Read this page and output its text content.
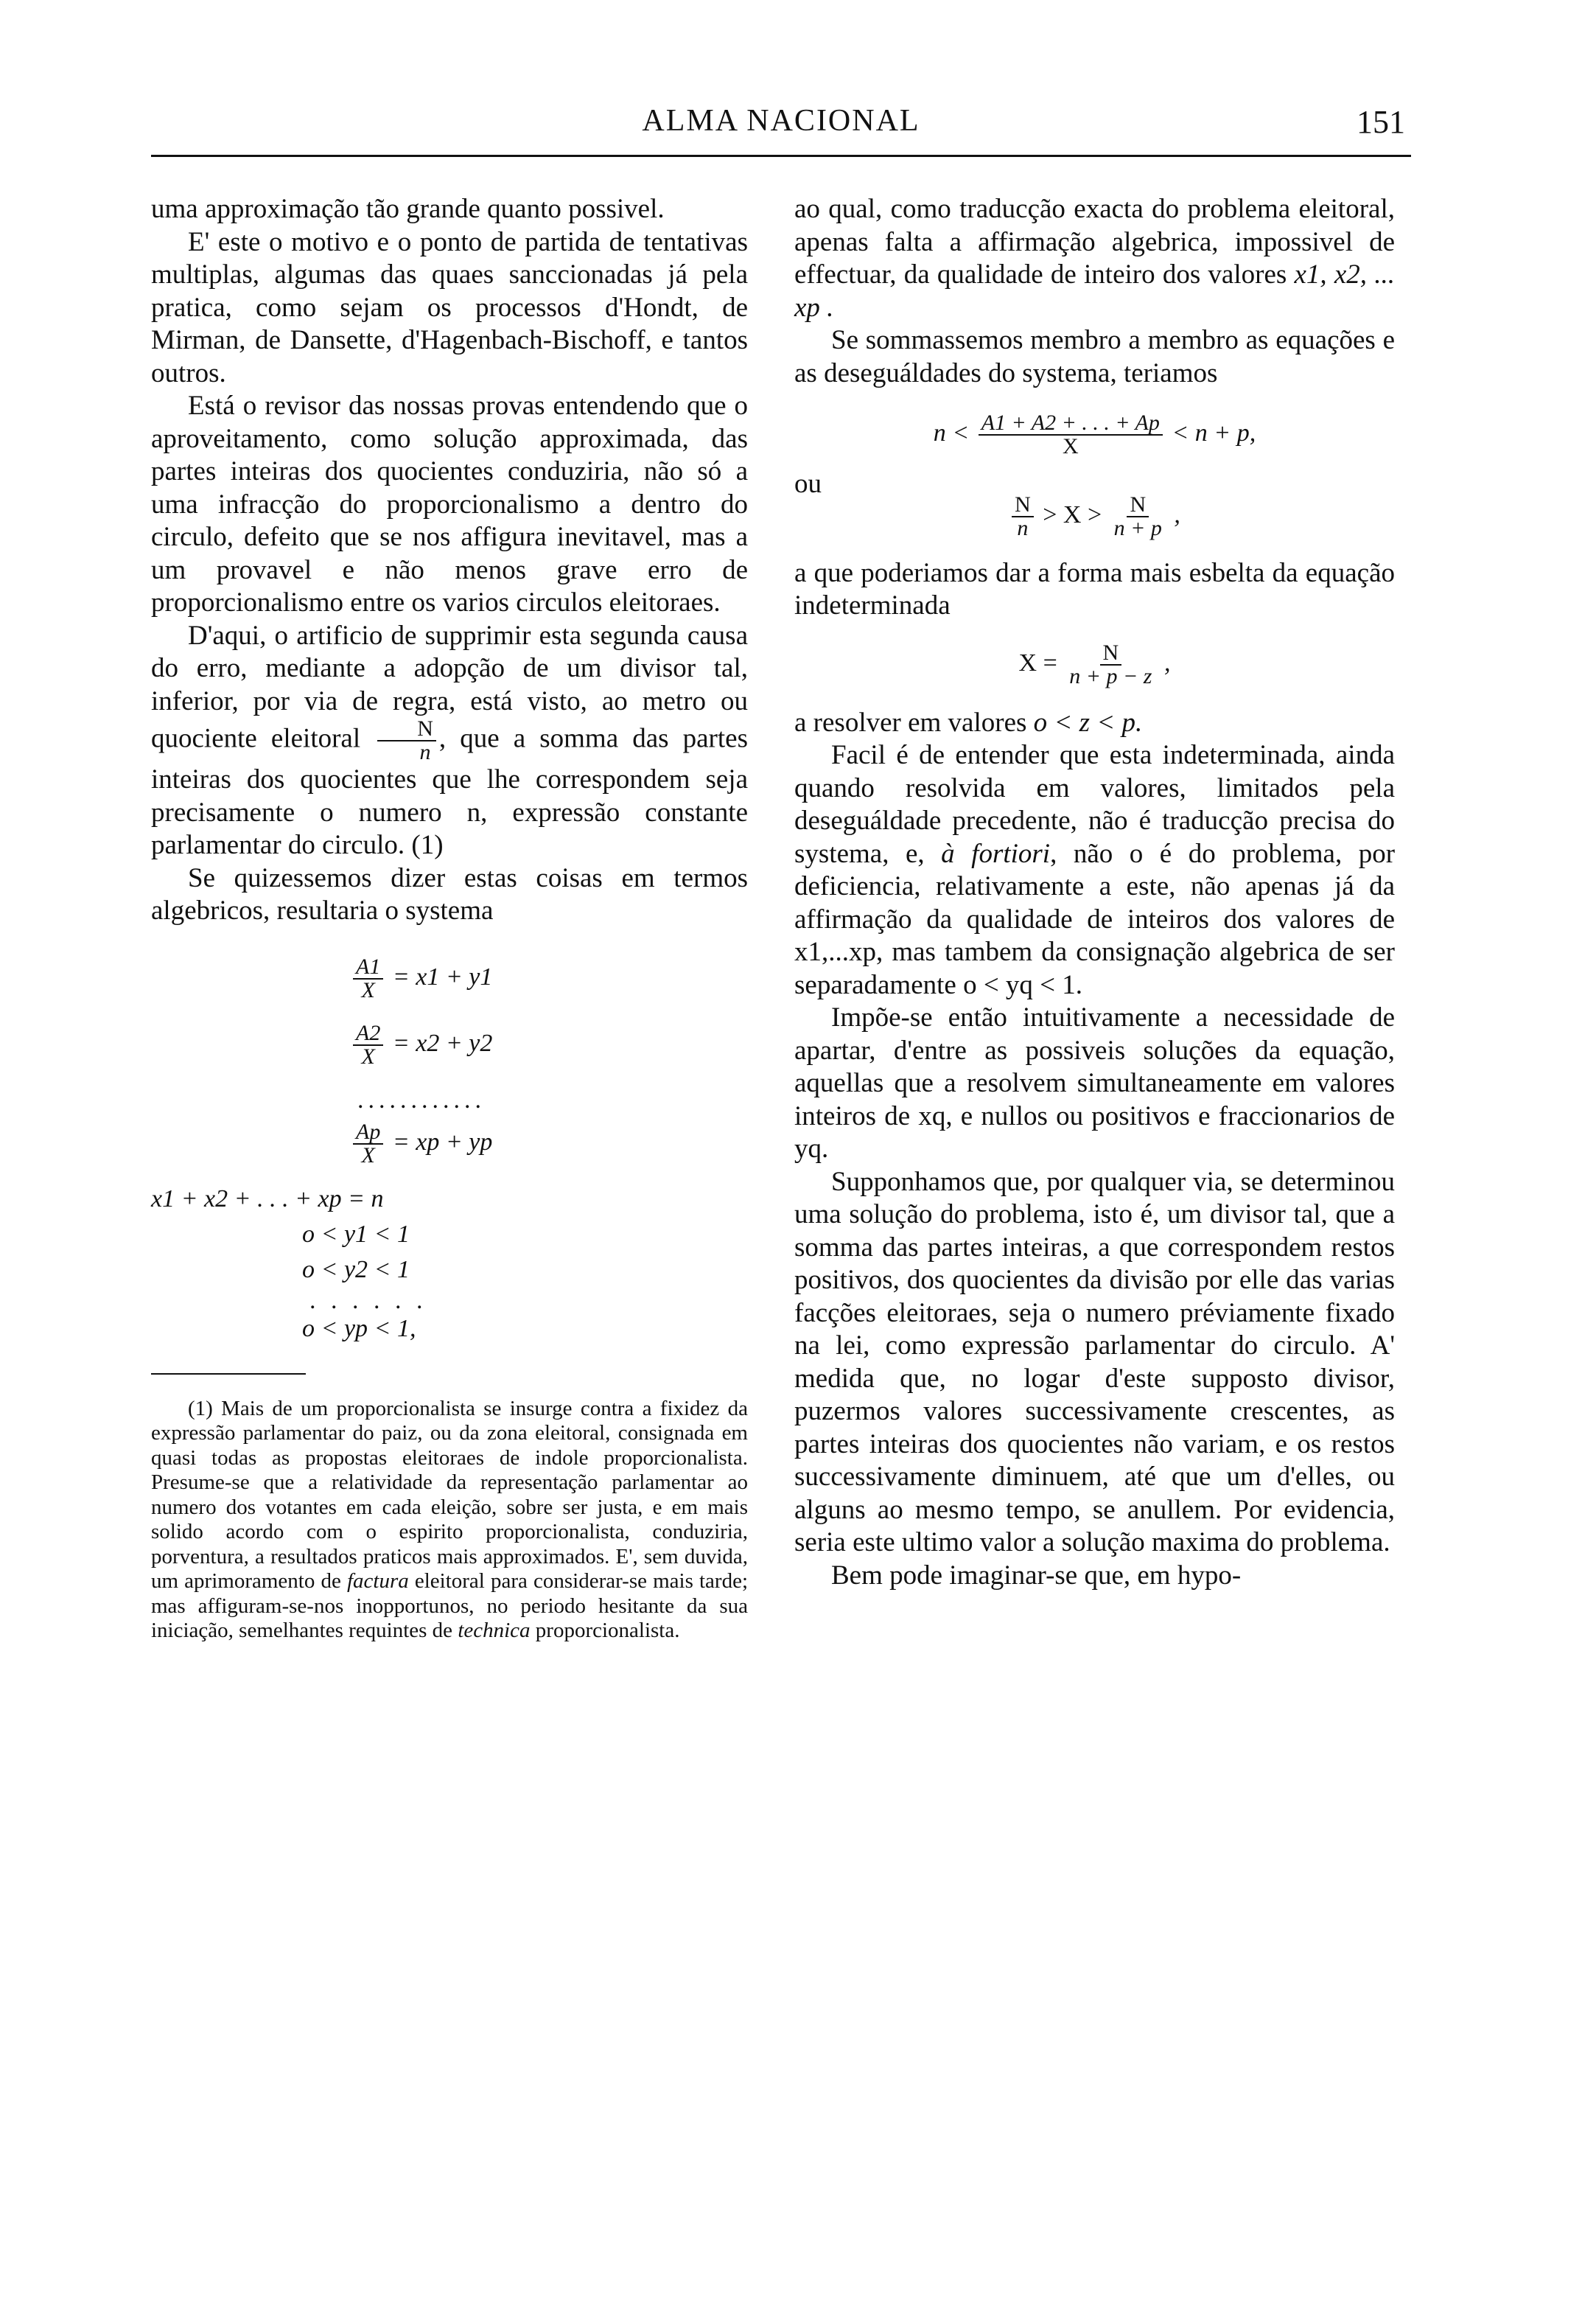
ALMA NACIONAL	151

uma approximação tão grande quanto possivel.

E' este o motivo e o ponto de partida de tentativas multiplas, algumas das quaes sanccionadas já pela pratica, como sejam os processos d'Hondt, de Mirman, de Dansette, d'Hagenbach-Bischoff, e tantos outros.

Está o revisor das nossas provas entendendo que o aproveitamento, como solução approximada, das partes inteiras dos quocientes conduziria, não só a uma infracção do proporcionalismo a dentro do circulo, defeito que se nos affigura inevitavel, mas a um provavel e não menos grave erro de proporcionalismo entre os varios circulos eleitoraes.

D'aqui, o artificio de supprimir esta segunda causa do erro, mediante a adopção de um divisor tal, inferior, por via de regra, está visto, ao metro ou quociente eleitoral $\frac{N}{n}$ , que a somma das partes inteiras dos quocientes que lhe correspondem seja precisamente o numero n, expressão constante parlamentar do circulo. (1)

Se quizessemos dizer estas coisas em termos algebricos, resultaria o systema

$\frac{A1}{X} = x1 + y1$
$\frac{A2}{X} = x2 + y2$
............
$\frac{Ap}{X}$ = xp + yp
x1 + x2 + . . . + xp = n
o < y1 < 1
o < y2 < 1
. . . . . .
o < yp < 1,

(1) Mais de um proporcionalista se insurge contra a fixidez da expressão parlamentar do paiz, ou da zona eleitoral, consignada em quasi todas as propostas eleitoraes de indole proporcionalista. Presume-se que a relatividade da representação parlamentar ao numero dos votantes em cada eleição, sobre ser justa, e em mais solido acordo com o espirito proporcionalista, conduziria, porventura, a resultados praticos mais approximados. E', sem duvida, um aprimoramento de factura eleitoral para considerar-se mais tarde; mas affiguram-se-nos inopportunos, no periodo hesitante da sua iniciação, semelhantes requintes de technica proporcionalista.

ao qual, como traducção exacta do problema eleitoral, apenas falta a affirmação algebrica, impossivel de effectuar, da qualidade de inteiro dos valores x1, x2, ... xp .

Se sommassemos membro a membro as equações e as deseguáldades do systema, teriamos

$n < \frac{A1 + A2 + . . . + Ap}{X} < n + p$,

ou

$\frac{N}{n} > X > \frac{N}{n + p}$ ,

a que poderiamos dar a forma mais esbelta da equação indeterminada

$X = \frac{N}{n + p - z}$ ,

a resolver em valores o < z < p.

Facil é de entender que esta indeterminada, ainda quando resolvida em valores, limitados pela deseguáldade precedente, não é traducção precisa do systema, e, à fortiori, não o é do problema, por deficiencia, relativamente a este, não apenas já da affirmação da qualidade de inteiros dos valores de x1,...xp, mas tambem da consignação algebrica de ser separadamente o < yq < 1.

Impõe-se então intuitivamente a necessidade de apartar, d'entre as possiveis soluções da equação, aquellas que a resolvem simultaneamente em valores inteiros de xq, e nullos ou positivos e fraccionarios de yq.

Supponhamos que, por qualquer via, se determinou uma solução do problema, isto é, um divisor tal, que a somma das partes inteiras, a que correspondem restos positivos, dos quocientes da divisão por elle das varias facções eleitoraes, seja o numero préviamente fixado na lei, como expressão parlamentar do circulo. A' medida que, no logar d'este supposto divisor, puzermos valores successivamente crescentes, as partes inteiras dos quocientes não variam, e os restos successivamente diminuem, até que um d'elles, ou alguns ao mesmo tempo, se anullem. Por evidencia, seria este ultimo valor a solução maxima do problema.

Bem pode imaginar-se que, em hypo-
